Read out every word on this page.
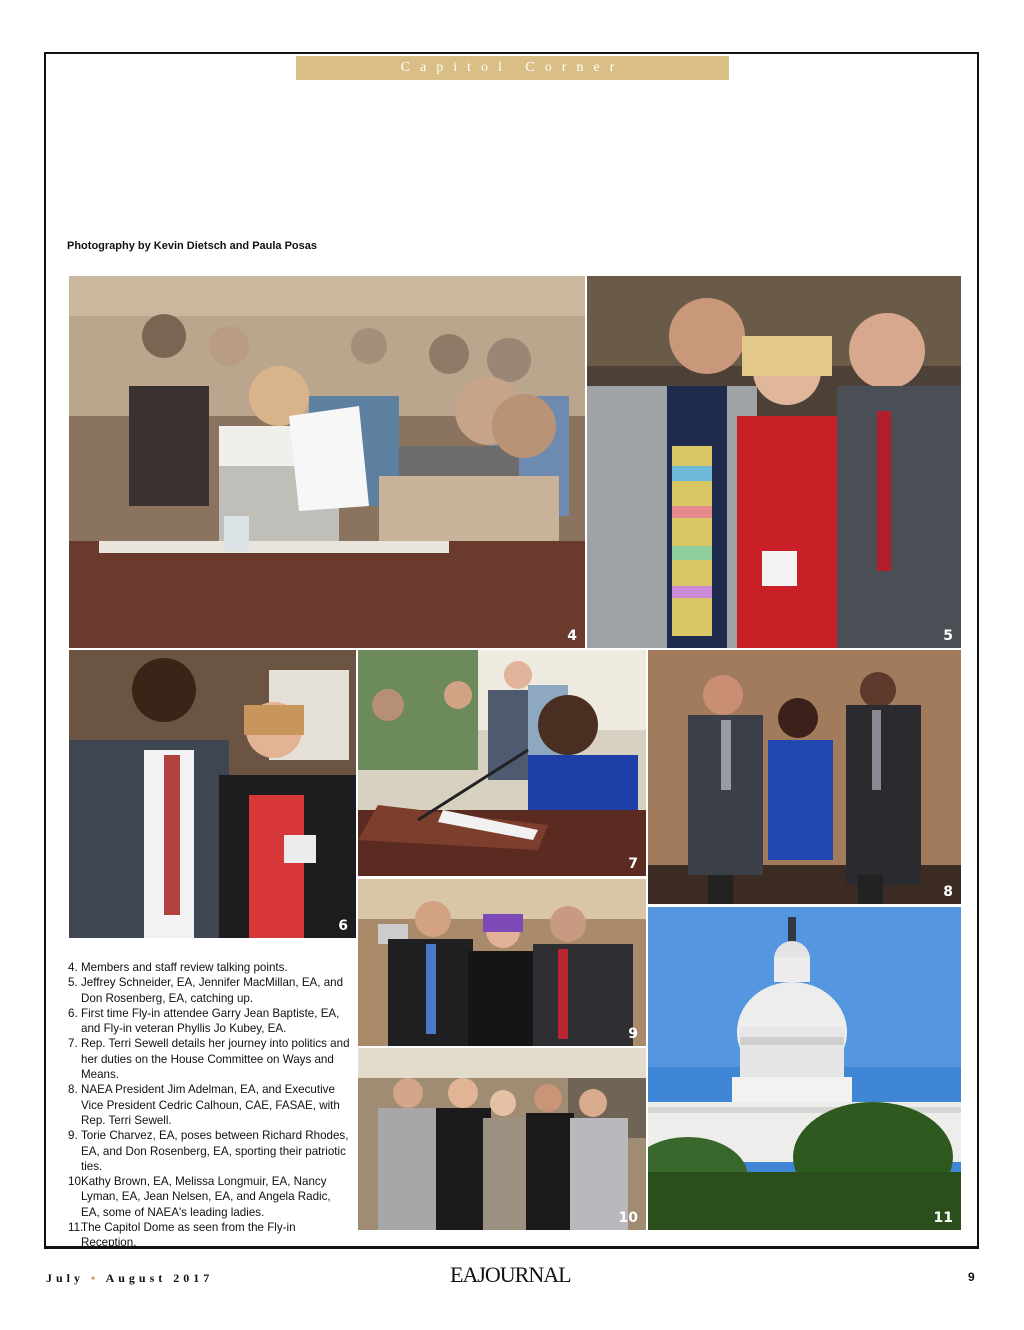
Capitol Corner
Photography by Kevin Dietsch and Paula Posas
4	5
6
7
9
10
8
11
4. Members and staff review talking points.
5. Jeffrey Schneider, EA, Jennifer MacMillan, EA, and Don Rosenberg, EA, catching up.
6. First time Fly-in attendee Garry Jean Baptiste, EA, and Fly-in veteran Phyllis Jo Kubey, EA.
7. Rep. Terri Sewell details her journey into politics and her duties on the House Committee on Ways and Means.
8. NAEA President Jim Adelman, EA, and Executive Vice President Cedric Calhoun, CAE, FASAE, with Rep. Terri Sewell.
9. Torie Charvez, EA, poses between Richard Rhodes, EA, and Don Rosenberg, EA, sporting their patriotic ties.
10.Kathy Brown, EA, Melissa Longmuir, EA, Nancy Lyman, EA, Jean Nelsen, EA, and Angela Radic, EA, some of NAEA's leading ladies.
11.The Capitol Dome as seen from the Fly-in Reception.
July • August 2017	EAJOURNAL	9
